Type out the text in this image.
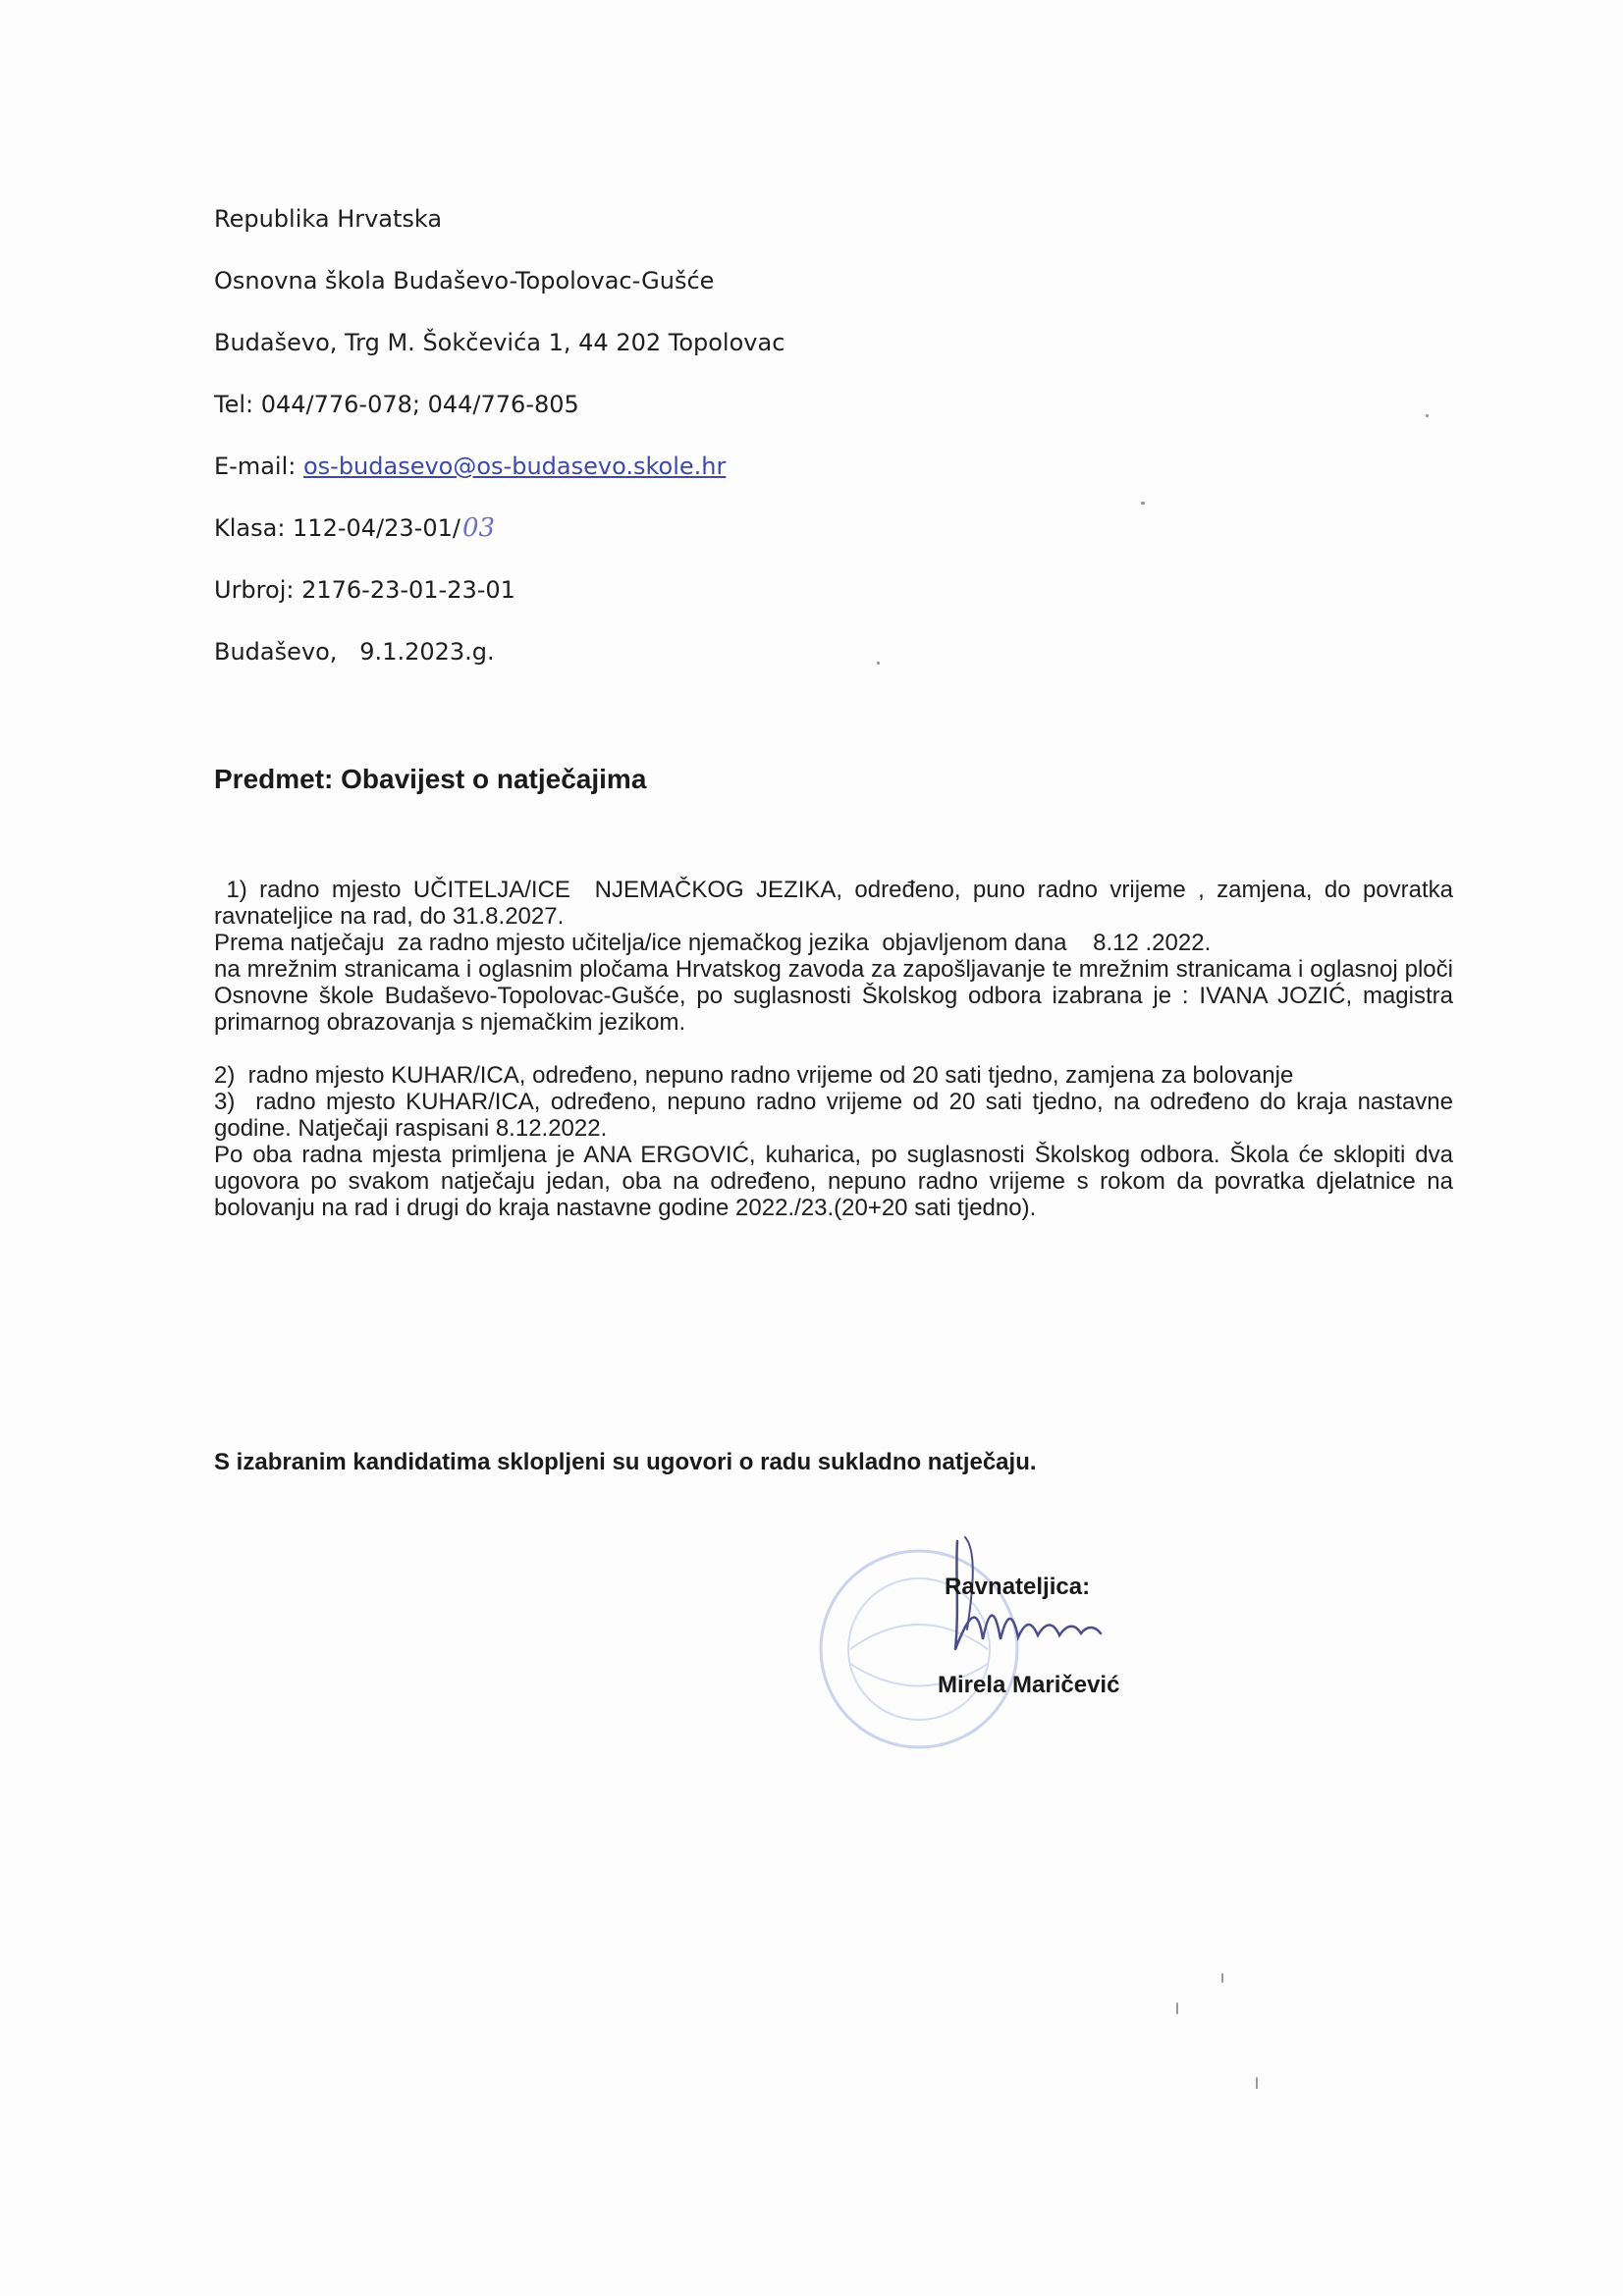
Republika Hrvatska
Osnovna škola Budaševo-Topolovac-Gušće
Budaševo, Trg M. Šokčevića 1, 44 202 Topolovac
Tel: 044/776-078; 044/776-805
E-mail: os-budasevo@os-budasevo.skole.hr
Klasa: 112-04/23-01/03
Urbroj: 2176-23-01-23-01
Budaševo,   9.1.2023.g.
Predmet: Obavijest o natječajima

1) radno mjesto UČITELJA/ICE  NJEMAČKOG JEZIKA, određeno, puno radno vrijeme , zamjena, do povratka ravnateljice na rad, do 31.8.2027.

Prema natječaju  za radno mjesto učitelja/ice njemačkog jezika  objavljenom dana    8.12 .2022.

na mrežnim stranicama i oglasnim pločama Hrvatskog zavoda za zapošljavanje te mrežnim stranicama i oglasnoj ploči Osnovne škole Budaševo-Topolovac-Gušće, po suglasnosti Školskog odbora izabrana je : IVANA JOZIĆ, magistra primarnog obrazovanja s njemačkim jezikom.

2)  radno mjesto KUHAR/ICA, određeno, nepuno radno vrijeme od 20 sati tjedno, zamjena za bolovanje

3)  radno mjesto KUHAR/ICA, određeno, nepuno radno vrijeme od 20 sati tjedno, na određeno do kraja nastavne godine. Natječaji raspisani 8.12.2022.

Po oba radna mjesta primljena je ANA ERGOVIĆ, kuharica, po suglasnosti Školskog odbora. Škola će sklopiti dva ugovora po svakom natječaju jedan, oba na određeno, nepuno radno vrijeme s rokom da povratka djelatnice na bolovanju na rad i drugi do kraja nastavne godine 2022./23.(20+20 sati tjedno).

S izabranim kandidatima sklopljeni su ugovori o radu sukladno natječaju.
Ravnateljica:
Mirela Maričević
